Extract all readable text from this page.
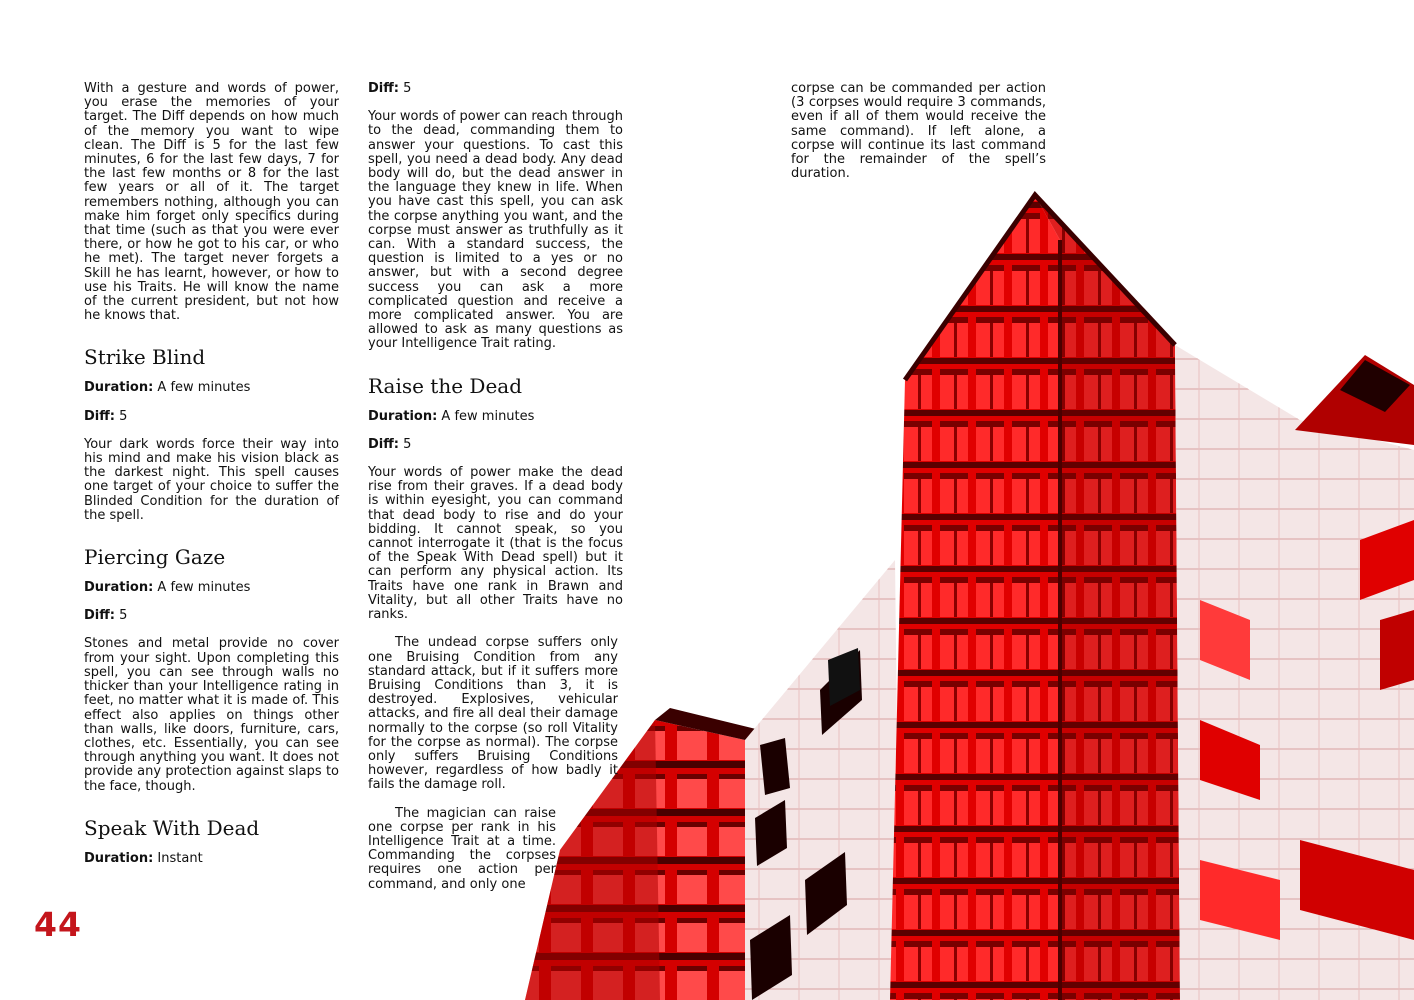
With a gesture and words of power, you erase the memories of your target. The Diff depends on how much of the memory you want to wipe clean. The Diff is 5 for the last few minutes, 6 for the last few days, 7 for the last few months or 8 for the last few years or all of it. The target remembers nothing, although you can make him forget only specifics during that time (such as that you were ever there, or how he got to his car, or who he met). The target never forgets a Skill he has learnt, however, or how to use his Traits. He will know the name of the current president, but not how he knows that.

Strike Blind

Duration: A few minutes

Diff: 5

Your dark words force their way into his mind and make his vision black as the darkest night. This spell causes one target of your choice to suffer the Blinded Condition for the duration of the spell.

Piercing Gaze

Duration: A few minutes

Diff: 5

Stones and metal provide no cover from your sight. Upon completing this spell, you can see through walls no thicker than your Intelligence rating in feet, no matter what it is made of. This effect also applies on things other than walls, like doors, furniture, cars, clothes, etc. Essentially, you can see through anything you want. It does not provide any protection against slaps to the face, though.

Speak With Dead

Duration: Instant

Diff: 5

Your words of power can reach through to the dead, commanding them to answer your questions. To cast this spell, you need a dead body. Any dead body will do, but the dead answer in the language they knew in life. When you have cast this spell, you can ask the corpse anything you want, and the corpse must answer as truthfully as it can. With a standard success, the question is limited to a yes or no answer, but with a second degree success you can ask a more complicated question and receive a more complicated answer. You are allowed to ask as many questions as your Intelligence Trait rating.

Raise the Dead

Duration: A few minutes

Diff: 5

Your words of power make the dead rise from their graves. If a dead body is within eyesight, you can command that dead body to rise and do your bidding. It cannot speak, so you cannot interrogate it (that is the focus of the Speak With Dead spell) but it can perform any physical action. Its Traits have one rank in Brawn and Vitality, but all other Traits have no ranks.

The undead corpse suffers only one Bruising Condition from any standard attack, but if it suffers more Bruising Conditions than 3, it is destroyed. Explosives, vehicular attacks, and fire all deal their damage normally to the corpse (so roll Vitality for the corpse as normal). The corpse only suffers Bruising Conditions however, regardless of how badly it fails the damage roll.

The magician can raise one corpse per rank in his Intelligence Trait at a time. Commanding the corpses requires one action per command, and only one

corpse can be commanded per action (3 corpses would require 3 commands, even if all of them would receive the same command). If left alone, a corpse will continue its last command for the remainder of the spell’s duration.

44
